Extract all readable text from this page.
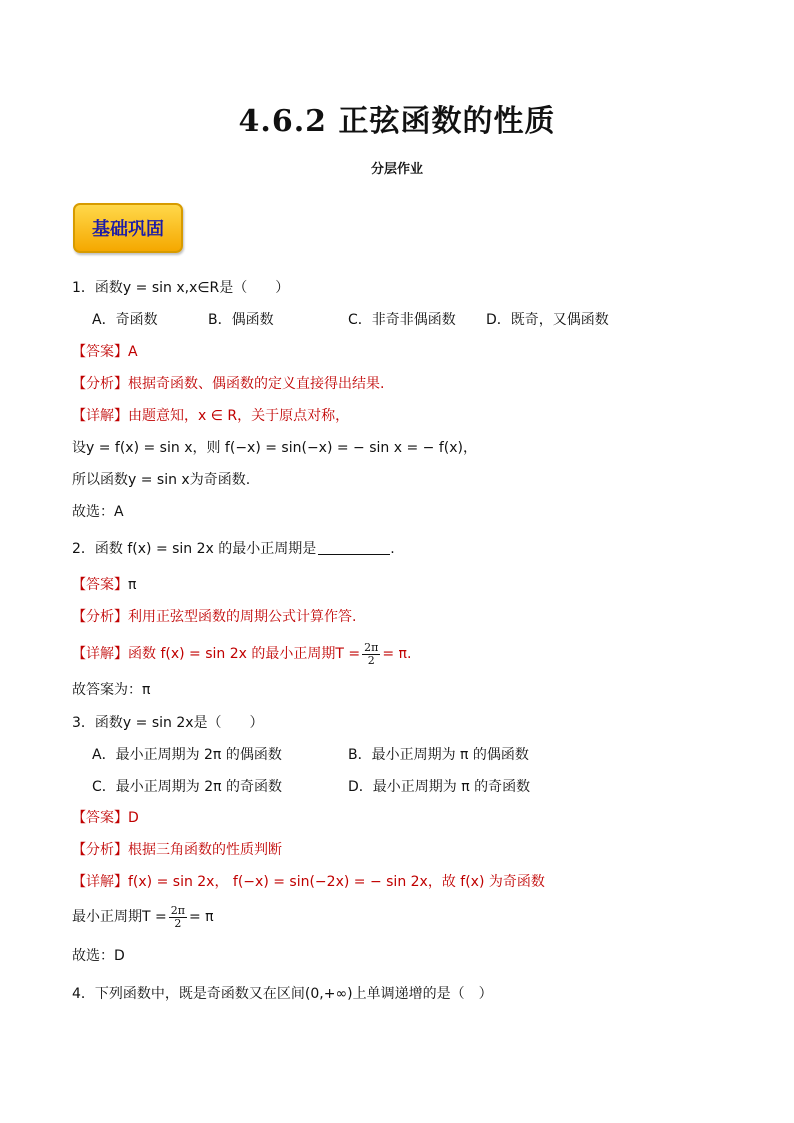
4.6.2 正弦函数的性质
分层作业
基础巩固
1．函数y = sin x,x∈R是（　　）
A．奇函数	B．偶函数	C．非奇非偶函数 D．既奇，又偶函数
【答案】A
【分析】根据奇函数、偶函数的定义直接得出结果.
【详解】由题意知，x ∈ R，关于原点对称，
设y = f(x) = sin x，则 f(−x) = sin(−x) = − sin x = − f(x)，
所以函数y = sin x为奇函数.
故选：A
2．函数 f(x) = sin 2x 的最小正周期是	.
【答案】π
【分析】利用正弦型函数的周期公式计算作答.
【详解】函数 f(x) = sin 2x 的最小正周期$T = \frac{2\pi}{2} = \pi$.
故答案为：π
3．函数y = sin 2x是（　　）
A．最小正周期为 2π 的偶函数	B．最小正周期为 π 的偶函数
C．最小正周期为 2π 的奇函数	D．最小正周期为 π 的奇函数
【答案】D
【分析】根据三角函数的性质判断
【详解】f(x) = sin 2x， f(−x) = sin(−2x) = − sin 2x，故 f(x) 为奇函数
最小正周期$T = \frac{2\pi}{2} = \pi$
故选：D
4．下列函数中，既是奇函数又在区间(0,+∞)上单调递增的是（　）
